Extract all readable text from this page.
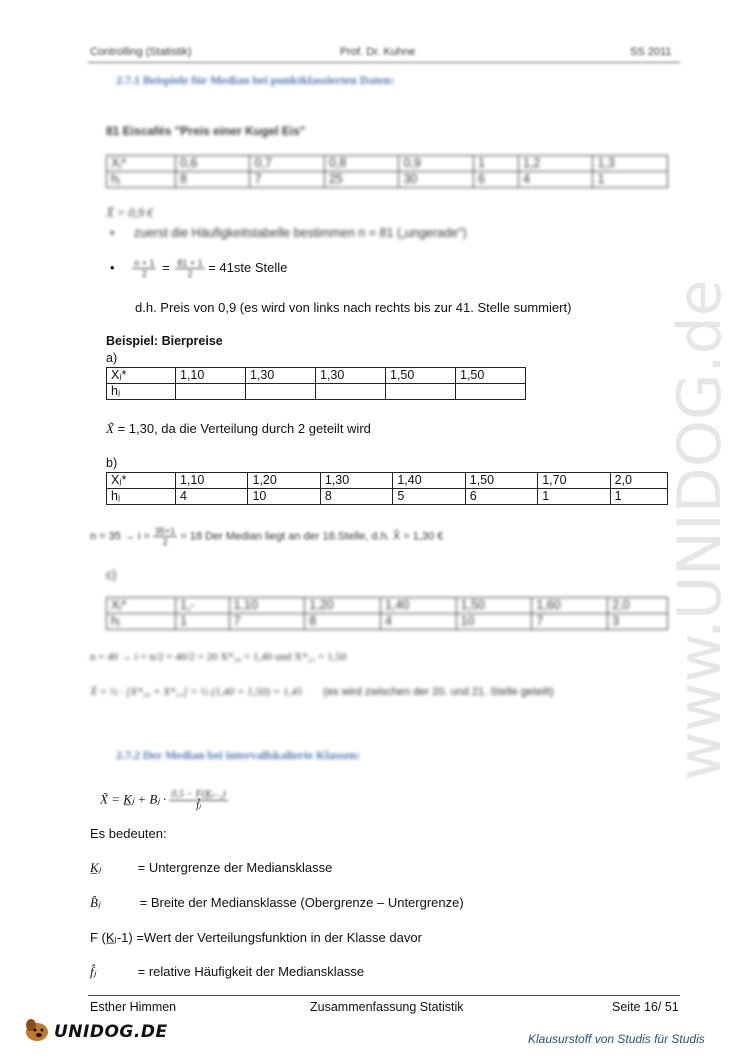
www.UNIDOG.de
Controlling (Statistik)	Prof. Dr. Kuhne	SS 2011
2.7.1 Beispiele für Median bei punktklassierten Daten:
81 Eiscafés "Preis einer Kugel Eis"
Xⱼ*	0,6	0,7	0,8	0,9	1	1,2	1,3
hⱼ	8	7	25	30	6	4	1
X̃ = 0,9 €
• zuerst die Häufigkeitstabelle bestimmen n = 81 („ungerade")
• $\frac{n + 1}{2} = \frac{81 + 1}{2} = 41ste$ Stelle
d.h. Preis von 0,9 (es wird von links nach rechts bis zur 41. Stelle summiert)
Beispiel: Bierpreise
a)
Xⱼ*	1,10	1,30	1,30	1,50	1,50
hⱼ					
X̃ = 1,30, da die Verteilung durch 2 geteilt wird
b)
Xⱼ*	1,10	1,20	1,30	1,40	1,50	1,70	2,0
hⱼ	4	10	8	5	6	1	1
$n = 35 \to i = \frac{35+1}{2} = 18$ Der Median liegt an der 18.Stelle, d.h. X̃ = 1,30 €
c)
Xⱼ*	1,-	1,10	1,20	1,40	1,50	1,60	2,0
hⱼ	1	7	8	4	10	7	3
n = 40 → i = n/2 = 40/2 = 20 X*₂₀ = 1,40 und X*₂₁ = 1,50
X̃ = ½ · [X*₂₀ + X*₂₁] = ½ (1,40 + 1,50) = 1,45 (es wird zwischen der 20. und 21. Stelle geteilt)
2.7.2 Der Median bei intervallskalierte Klassen:
X̃ = K̲ⱼ + Bⱼ · $\frac{\text{0,5 − F(K̲ⱼ₋₁)}}{\text{f̂ⱼ}}$
Es bedeuten:
K̲ⱼ	= Untergrenze der Mediansklasse
B̂ⱼ	= Breite der Mediansklasse (Obergrenze – Untergrenze)
F (K̲ⱼ-1) =Wert der Verteilungsfunktion in der Klasse davor
f̂ⱼ	= relative Häufigkeit der Mediansklasse
Esther Himmen	Zusammenfassung Statistik	Seite 16/ 51
UNIDOG.DE	Klausurstoff von Studis für Studis
